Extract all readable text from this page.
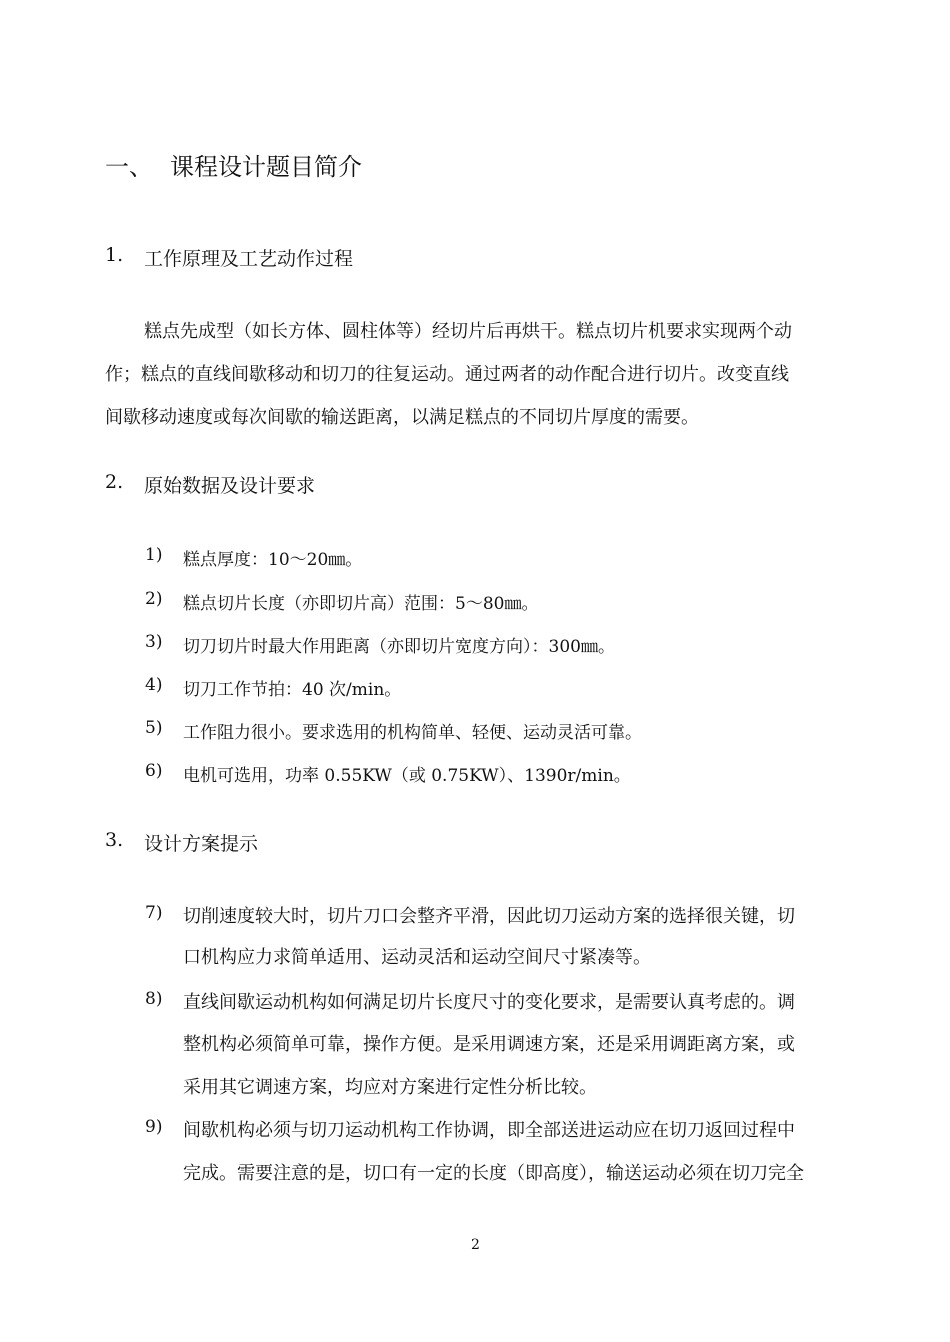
一、 课程设计题目简介
1. 工作原理及工艺动作过程
糕点先成型（如长方体、圆柱体等）经切片后再烘干。糕点切片机要求实现两个动
作；糕点的直线间歇移动和切刀的往复运动。通过两者的动作配合进行切片。改变直线
间歇移动速度或每次间歇的输送距离，以满足糕点的不同切片厚度的需要。
2. 原始数据及设计要求
1) 糕点厚度：10～20㎜。
2) 糕点切片长度（亦即切片高）范围：5～80㎜。
3) 切刀切片时最大作用距离（亦即切片宽度方向）：300㎜。
4) 切刀工作节拍：40 次/min。
5) 工作阻力很小。要求选用的机构简单、轻便、运动灵活可靠。
6) 电机可选用，功率 0.55KW（或 0.75KW）、1390r/min。
3. 设计方案提示
7) 切削速度较大时，切片刀口会整齐平滑，因此切刀运动方案的选择很关键，切
口机构应力求简单适用、运动灵活和运动空间尺寸紧凑等。
8) 直线间歇运动机构如何满足切片长度尺寸的变化要求，是需要认真考虑的。调
整机构必须简单可靠，操作方便。是采用调速方案，还是采用调距离方案，或
采用其它调速方案，均应对方案进行定性分析比较。
9) 间歇机构必须与切刀运动机构工作协调，即全部送进运动应在切刀返回过程中
完成。需要注意的是，切口有一定的长度（即高度），输送运动必须在切刀完全
2
